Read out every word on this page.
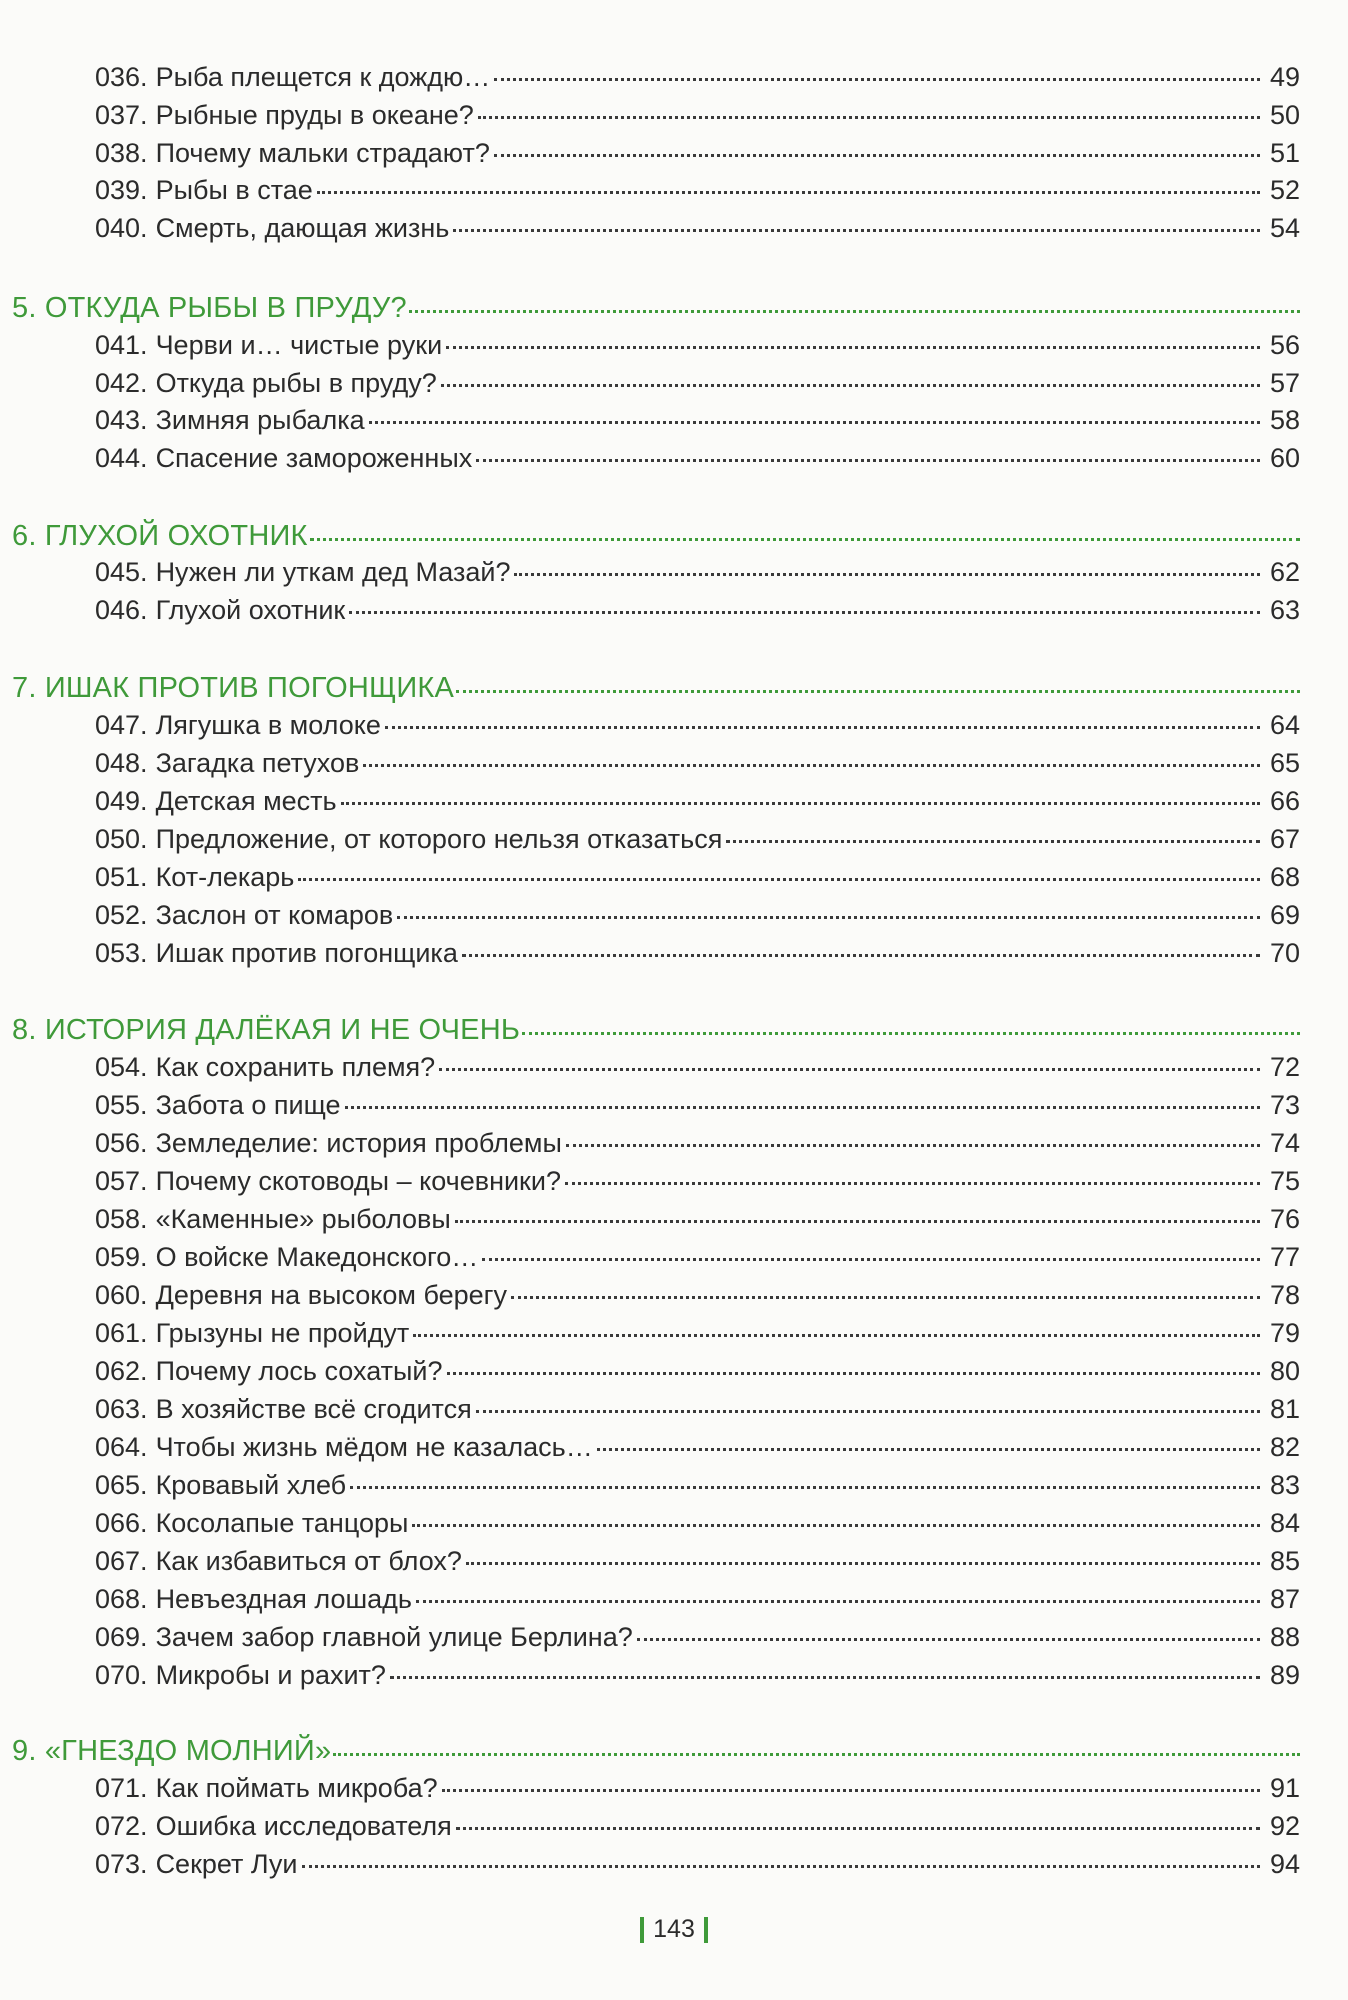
036. Рыба плещется к дождю…	49
037. Рыбные пруды в океане?	50
038. Почему мальки страдают?	51
039. Рыбы в стае	52
040. Смерть, дающая жизнь	54
5. ОТКУДА РЫБЫ В ПРУДУ?
041. Черви и… чистые руки	56
042. Откуда рыбы в пруду?	57
043. Зимняя рыбалка	58
044. Спасение замороженных	60
6. ГЛУХОЙ ОХОТНИК
045. Нужен ли уткам дед Мазай?	62
046. Глухой охотник	63
7. ИШАК ПРОТИВ ПОГОНЩИКА
047. Лягушка в молоке	64
048. Загадка петухов	65
049. Детская месть	66
050. Предложение, от которого нельзя отказаться	67
051. Кот-лекарь	68
052. Заслон от комаров	69
053. Ишак против погонщика	70
8. ИСТОРИЯ ДАЛЁКАЯ И НЕ ОЧЕНЬ
054. Как сохранить племя?	72
055. Забота о пище	73
056. Земледелие: история проблемы	74
057. Почему скотоводы – кочевники?	75
058. «Каменные» рыболовы	76
059. О войске Македонского…	77
060. Деревня на высоком берегу	78
061. Грызуны не пройдут	79
062. Почему лось сохатый?	80
063. В хозяйстве всё сгодится	81
064. Чтобы жизнь мёдом не казалась…	82
065. Кровавый хлеб	83
066. Косолапые танцоры	84
067. Как избавиться от блох?	85
068. Невъездная лошадь	87
069. Зачем забор главной улице Берлина?	88
070. Микробы и рахит?	89
9. «ГНЕЗДО МОЛНИЙ»
071. Как поймать микроба?	91
072. Ошибка исследователя	92
073. Секрет Луи	94
143
